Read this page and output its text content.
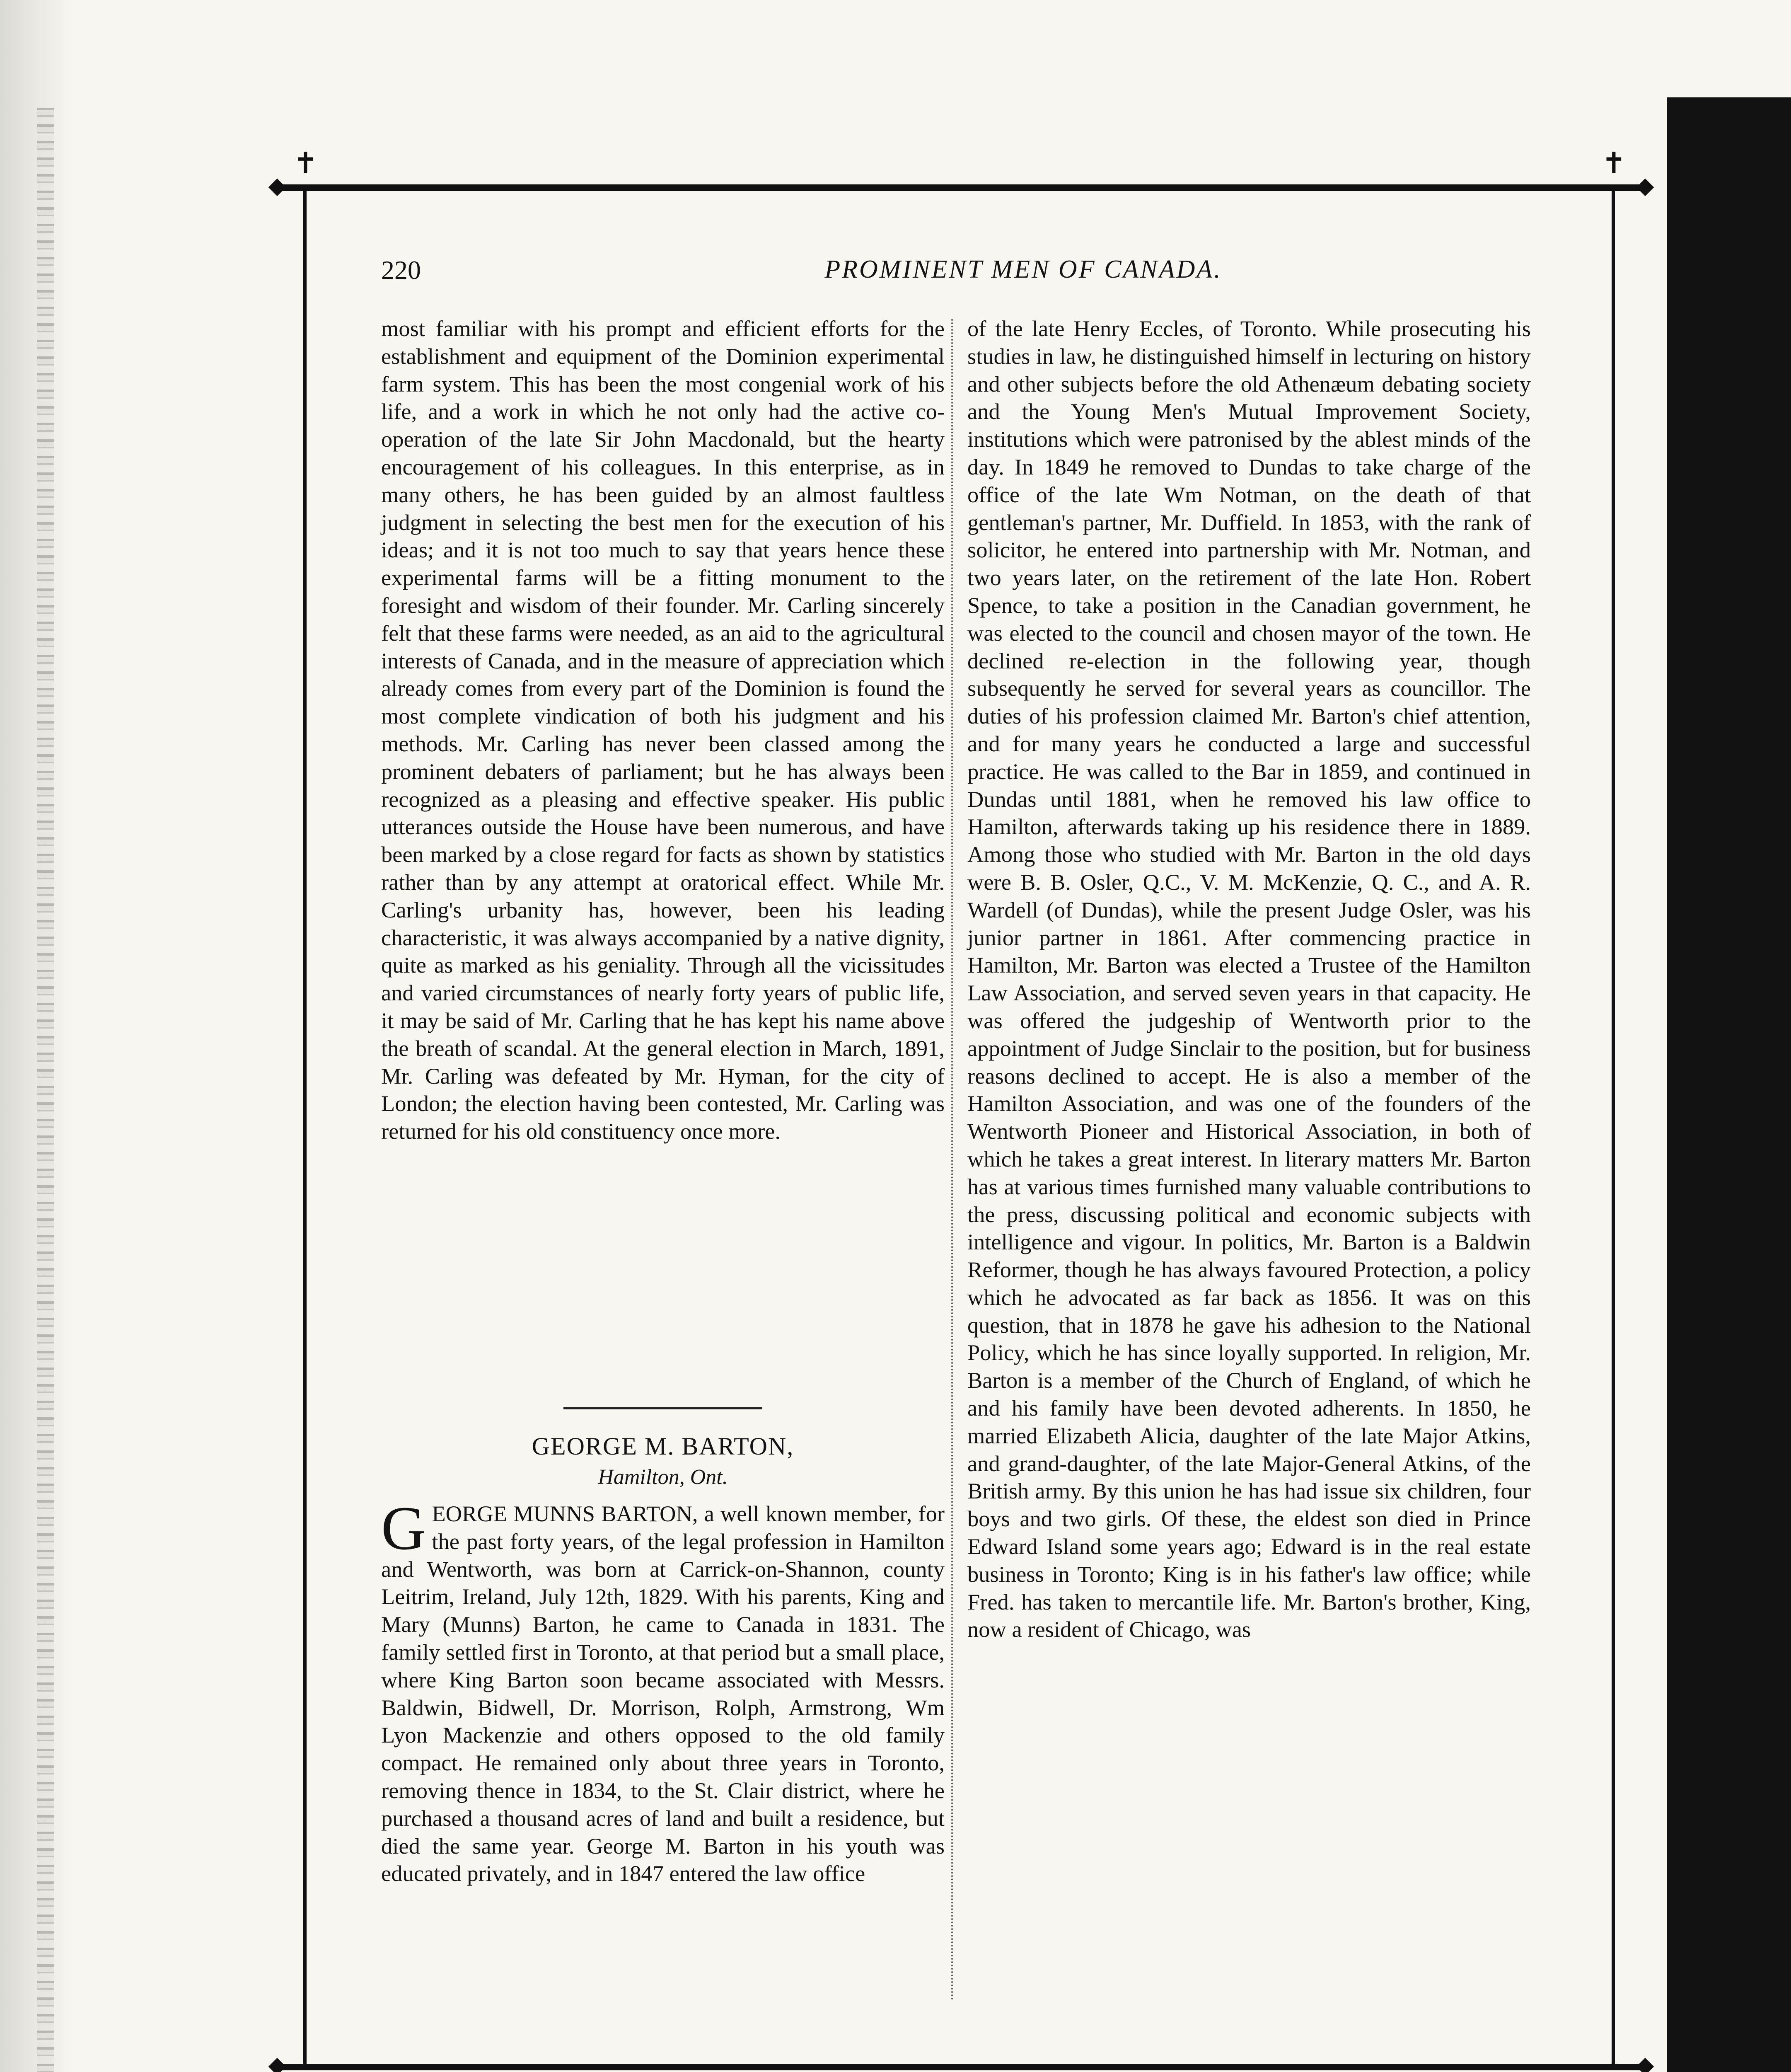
✝	✝
220	PROMINENT MEN OF CANADA.

most familiar with his prompt and efficient efforts for the establishment and equipment of the Dominion experimental farm system. This has been the most congenial work of his life, and a work in which he not only had the active co-operation of the late Sir John Macdonald, but the hearty encouragement of his colleagues. In this enterprise, as in many others, he has been guided by an almost faultless judgment in selecting the best men for the execution of his ideas; and it is not too much to say that years hence these experimental farms will be a fitting monument to the foresight and wisdom of their founder. Mr. Carling sincerely felt that these farms were needed, as an aid to the agricultural interests of Canada, and in the measure of appreciation which already comes from every part of the Dominion is found the most complete vindication of both his judgment and his methods. Mr. Carling has never been classed among the prominent debaters of parliament; but he has always been recognized as a pleasing and effective speaker. His public utterances outside the House have been numerous, and have been marked by a close regard for facts as shown by statistics rather than by any attempt at oratorical effect. While Mr. Carling's urbanity has, however, been his leading characteristic, it was always accompanied by a native dignity, quite as marked as his geniality. Through all the vicissitudes and varied circumstances of nearly forty years of public life, it may be said of Mr. Carling that he has kept his name above the breath of scandal. At the general election in March, 1891, Mr. Carling was defeated by Mr. Hyman, for the city of London; the election having been contested, Mr. Carling was returned for his old constituency once more.

GEORGE M. BARTON,

Hamilton, Ont.

GEORGE MUNNS BARTON, a well known member, for the past forty years, of the legal profession in Hamilton and Wentworth, was born at Carrick-on-Shannon, county Leitrim, Ireland, July 12th, 1829. With his parents, King and Mary (Munns) Barton, he came to Canada in 1831. The family settled first in Toronto, at that period but a small place, where King Barton soon became associated with Messrs. Baldwin, Bidwell, Dr. Morrison, Rolph, Armstrong, Wm Lyon Mackenzie and others opposed to the old family compact. He remained only about three years in Toronto, removing thence in 1834, to the St. Clair district, where he purchased a thousand acres of land and built a residence, but died the same year. George M. Barton in his youth was educated privately, and in 1847 entered the law office

of the late Henry Eccles, of Toronto. While prosecuting his studies in law, he distinguished himself in lecturing on history and other subjects before the old Athenæum debating society and the Young Men's Mutual Improvement Society, institutions which were patronised by the ablest minds of the day. In 1849 he removed to Dundas to take charge of the office of the late Wm Notman, on the death of that gentleman's partner, Mr. Duffield. In 1853, with the rank of solicitor, he entered into partnership with Mr. Notman, and two years later, on the retirement of the late Hon. Robert Spence, to take a position in the Canadian government, he was elected to the council and chosen mayor of the town. He declined re-election in the following year, though subsequently he served for several years as councillor. The duties of his profession claimed Mr. Barton's chief attention, and for many years he conducted a large and successful practice. He was called to the Bar in 1859, and continued in Dundas until 1881, when he removed his law office to Hamilton, afterwards taking up his residence there in 1889. Among those who studied with Mr. Barton in the old days were B. B. Osler, Q.C., V. M. McKenzie, Q. C., and A. R. Wardell (of Dundas), while the present Judge Osler, was his junior partner in 1861. After commencing practice in Hamilton, Mr. Barton was elected a Trustee of the Hamilton Law Association, and served seven years in that capacity. He was offered the judgeship of Wentworth prior to the appointment of Judge Sinclair to the position, but for business reasons declined to accept. He is also a member of the Hamilton Association, and was one of the founders of the Wentworth Pioneer and Historical Association, in both of which he takes a great interest. In literary matters Mr. Barton has at various times furnished many valuable contributions to the press, discussing political and economic subjects with intelligence and vigour. In politics, Mr. Barton is a Baldwin Reformer, though he has always favoured Protection, a policy which he advocated as far back as 1856. It was on this question, that in 1878 he gave his adhesion to the National Policy, which he has since loyally supported. In religion, Mr. Barton is a member of the Church of England, of which he and his family have been devoted adherents. In 1850, he married Elizabeth Alicia, daughter of the late Major Atkins, and grand-daughter, of the late Major-General Atkins, of the British army. By this union he has had issue six children, four boys and two girls. Of these, the eldest son died in Prince Edward Island some years ago; Edward is in the real estate business in Toronto; King is in his father's law office; while Fred. has taken to mercantile life. Mr. Barton's brother, King, now a resident of Chicago, was
